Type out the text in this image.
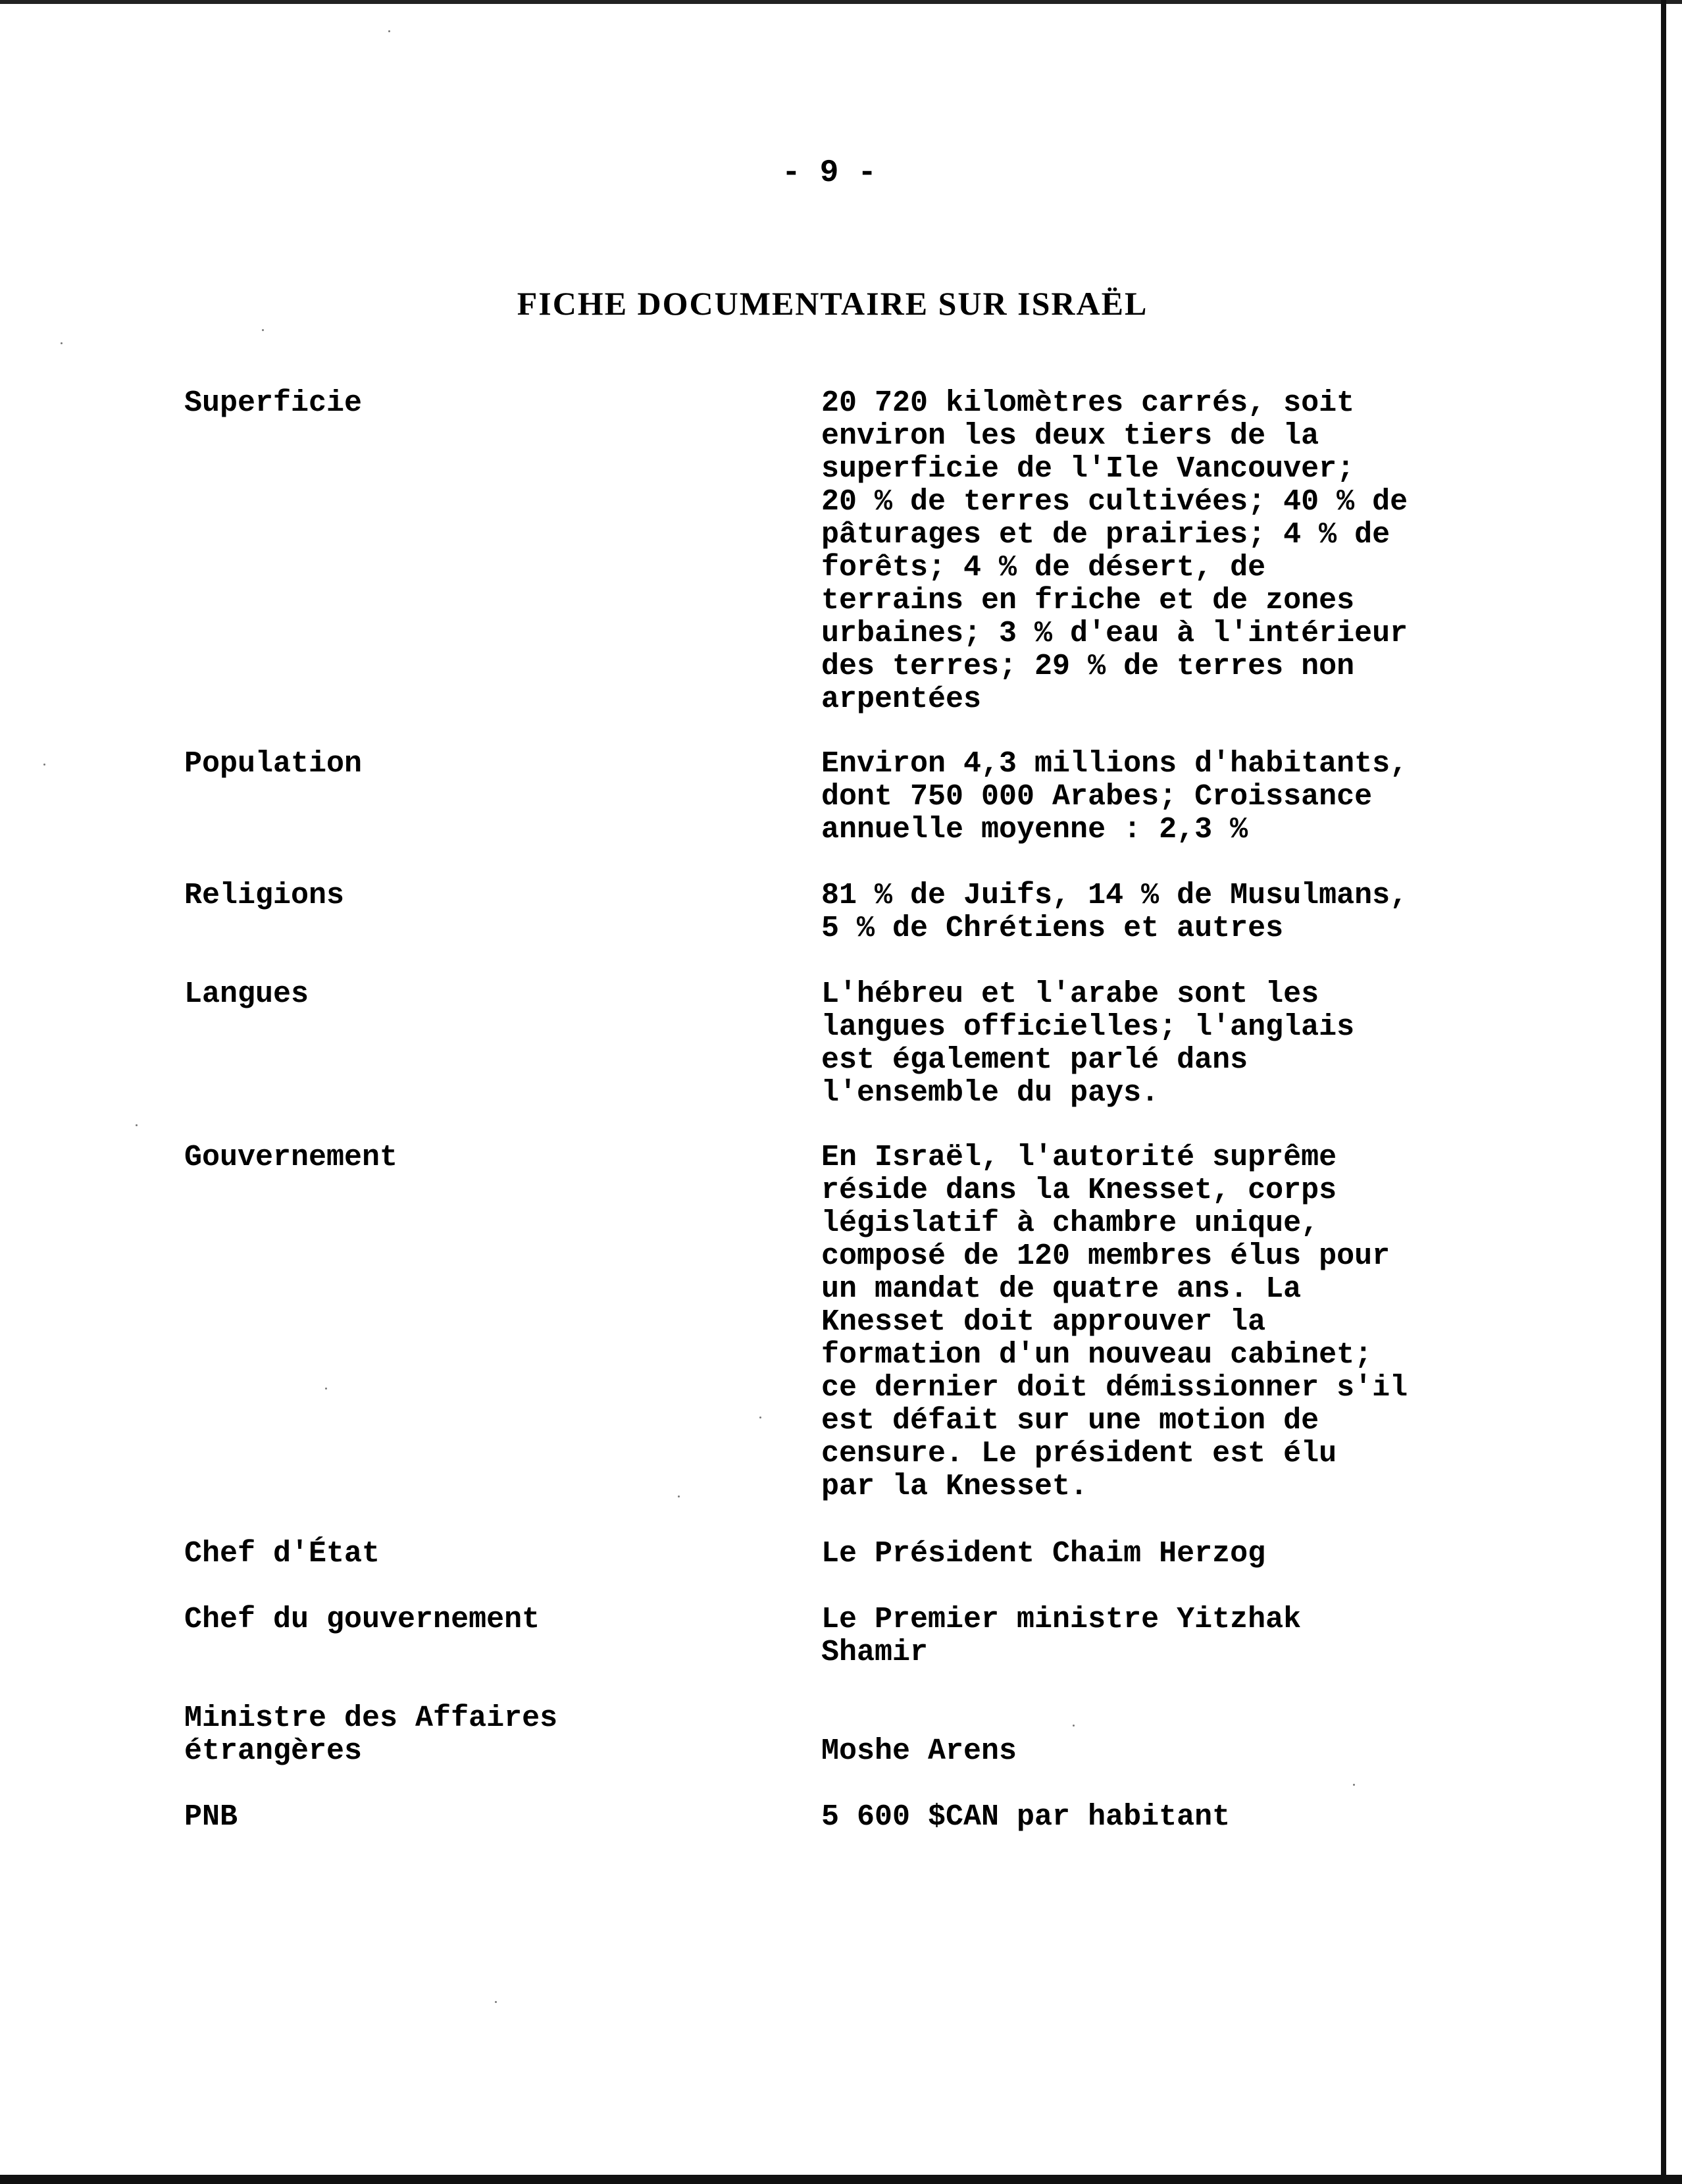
- 9 -
FICHE DOCUMENTAIRE SUR ISRAËL
Superficie	20 720 kilomètres carrés, soit
environ les deux tiers de la
superficie de l'Ile Vancouver;
20 % de terres cultivées; 40 % de
pâturages et de prairies; 4 % de
forêts; 4 % de désert, de
terrains en friche et de zones
urbaines; 3 % d'eau à l'intérieur
des terres; 29 % de terres non
arpentées
Population	Environ 4,3 millions d'habitants,
dont 750 000 Arabes; Croissance
annuelle moyenne : 2,3 %
Religions	81 % de Juifs, 14 % de Musulmans,
5 % de Chrétiens et autres
Langues	L'hébreu et l'arabe sont les
langues officielles; l'anglais
est également parlé dans
l'ensemble du pays.
Gouvernement	En Israël, l'autorité suprême
réside dans la Knesset, corps
législatif à chambre unique,
composé de 120 membres élus pour
un mandat de quatre ans. La
Knesset doit approuver la
formation d'un nouveau cabinet;
ce dernier doit démissionner s'il
est défait sur une motion de
censure. Le président est élu
par la Knesset.
Chef d'État	Le Président Chaim Herzog
Chef du gouvernement	Le Premier ministre Yitzhak
Shamir
Ministre des Affaires
étrangères	Moshe Arens
PNB	5 600 $CAN par habitant
